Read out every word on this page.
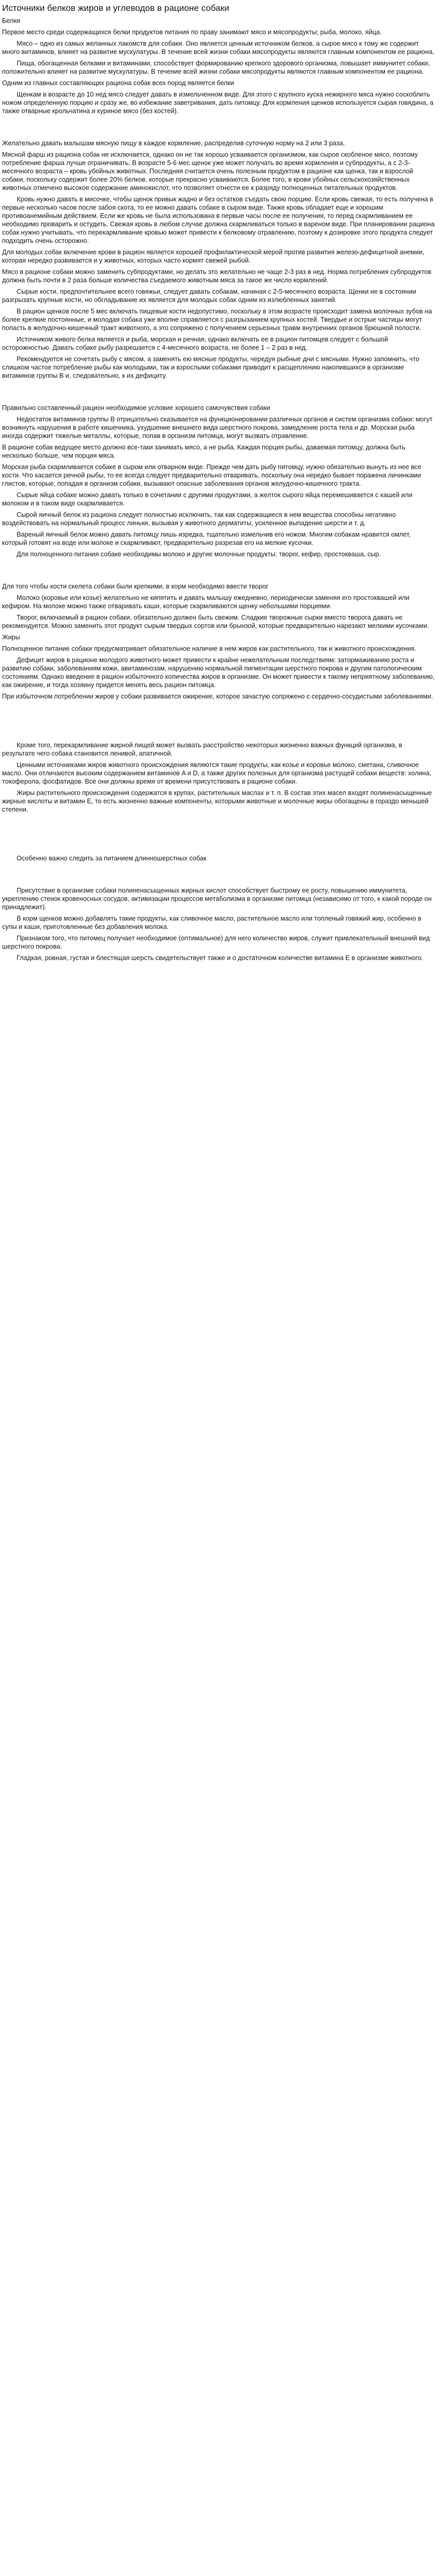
Источники белков жиров и углеводов в рационе собаки

Белки

Первое место среди содержащихся белки продуктов питания по праву занимают мясо и мясопродукты; рыба, молоко, яйца.

Мясо – одно из самых желанных лакомств для собаки. Оно является ценным источником белков, а сырое мясо к тому же содержит много витаминов, влияет на развитие мускулатуры. В течение всей жизни собаки мясопродукты являются главным компонентом ее рациона.

Пища, обогащенная белками и витаминами, способствует формированию крепкого здорового организма, повышает иммунитет собаки, положительно влияет на развитие мускулатуры. В течение всей жизни собаки мясопродукты являются главным компонентом ее рациона.

Одним из главных составляющих рациона собак всех пород является белки

Щенкам в возрасте до 10 нед мясо следует давать в измельченном виде. Для этого с крупного куска нежирного мяса нужно соскоблить ножом определенную порцию и сразу же, во избежание заветривания, дать питомцу. Для кормления щенков используется сырая говядина, а также отварные крольчатина и куриное мясо (без костей).

Желательно давать малышам мясную пищу в каждое кормление, распределив суточную норму на 2 или 3 раза.

Мясной фарш из рациона собак не исключается, однако он не так хорошо усваивается организмом, как сырое скобленое мясо, поэтому потребление фарша лучше ограничивать. В возрасте 5-6 мес щенок уже может получать во время кормления и субпродукты, а с 2-3-месячного возраста – кровь убойных животных. Последняя считается очень полезным продуктом в рационе как щенка, так и взрослой собаки, поскольку содержит более 20% белков, которые прекрасно усваиваются. Более того, в крови убойных сельскохозяйственных животных отмечено высокое содержание аминокислот, что позволяет отнести ее к разряду полноценных питательных продуктов.

Кровь нужно давать в мисочке, чтобы щенок привык жадно и без остатков съедать свою порцию. Если кровь свежая, то есть получена в первые несколько часов после забоя скота, то ее можно давать собаке в сыром виде. Также кровь обладает еще и хорошим противоанемийным действием. Если же кровь не была использована в первые часы после ее получения, то перед скармливанием ее необходимо проварить и остудить. Свежая кровь в любом случае должна скармливаться только в вареном виде. При планировании рациона собак нужно учитывать, что перекармливание кровью может привести к белковому отравлению, поэтому к дозировке этого продукта следует подходить очень осторожно.

Для молодых собак включение крови в рацион является хорошей профилактической мерой против развития железо-дефицитной анемии, которая нередко развивается и у животных, которых часто кормят свежей рыбой.

Мясо в рационе собаки можно заменить субпродуктами, но делать это желательно не чаще 2-3 раз в нед. Норма потребления субпродуктов должна быть почти в 2 раза больше количества съедаемого животным мяса за такое же число кормлений.

Сырые кости, предпочтительнее всего говяжьи, следует давать собакам, начиная с 2-5-месячного возраста. Щенки не в состоянии разгрызать крупные кости, но обгладывание их является для молодых собак одним из излюбленных занятий.

В рацион щенков после 5 мес включать пищевые кости недопустимо, поскольку в этом возрасте происходит замена молочных зубов на более крепкие постоянные, и молодая собака уже вполне справляется с разгрызанием крупных костей. Твердые и острые частицы могут попасть в желудочно-кишечный тракт животного, а это сопряжено с получением серьезных травм внутренних органов брюшной полости.

Источником живого белка является и рыба, морская и речная, однако включать ее в рацион питомцев следует с большой осторожностью. Давать собаке рыбу разрешается с 4-месячного возраста, не более 1 – 2 раз в нед.

Рекомендуется не сочетать рыбу с мясом, а заменять ею мясные продукты, чередуя рыбные дни с мясными. Нужно запомнить, что слишком частое потребление рыбы как молодыми, так и взрослыми собаками приводит к расщеплению накопившихся в организме витаминов группы В и, следовательно, к их дефициту.

Правильно составленный рацион необходимое условие хорошего самочувствия собаки

Недостаток витаминов группы В отрицательно сказывается на функционировании различных органов и систем организма собаки: могут возникнуть нарушения в работе кишечника, ухудшение внешнего вида шерстного покрова, замедление роста тела и др. Морская рыба иногда содержит тяжелые металлы, которые, попав в организм питомца, могут вызвать отравление.

В рационе собак ведущее место должно все-таки занимать мясо, а не рыба. Каждая порция рыбы, даваемая питомцу, должна быть несколько больше, чем порция мяса.

Морская рыба скармливается собаке в сыром или отварном виде. Прежде чем дать рыбу питомцу, нужно обязательно вынуть из нее все кости. Что касается речной рыбы, то ее всегда следует предварительно отваривать, поскольку она нередко бывает поражена личинками глистов, которые, попадая в организм собаки, вызывают опасные заболевания органов желудочно-кишечного тракта.

Сырые яйца собаке можно давать только в сочетании с другими продуктами, а желток сырого яйца перемешивается с кашей или молоком и в таком виде скармливается.

Сырой яичный белок из рациона следует полностью исключить, так как содержащиеся в нем вещества способны негативно воздействовать на нормальный процесс линьки, вызывая у животного дерматиты, усиленное выпадение шерсти и т. д.

Вареный яичный белок можно давать питомцу лишь изредка, тщательно измельчив его ножом. Многим собакам нравится омлет, который готовят на воде или молоке и скармливают, предварительно разрезав его на мелкие кусочки.

Для полноценного питания собаке необходимы молоко и другие молочные продукты: творог, кефир, простокваша, сыр.

Для того чтобы кости скелета собаки были крепкими, в корм необходимо ввести творог

Молоко (коровье или козье) желательно не кипятить и давать малышу ежедневно, периодически заменяя его простоквашей или кефиром. На молоке можно также отваривать каши, которые скармливаются щенку небольшими порциями.

Творог, включаемый в рацион собаки, обязательно должен быть свежим. Сладкие творожные сырки вместо творога давать не рекомендуется. Можно заменить этот продукт сырым твердых сортов или брынзой, которые предварительно нарезают мелкими кусочками.

Жиры

Полноценное питание собаки предусматривает обязательное наличие в нем жиров как растительного, так и животного происхождения.

Дефицит жиров в рационе молодого животного может привести к крайне нежелательным последствиям: затормаживанию роста и развитию собаки, заболеваниям кожи, авитаминозам, нарушению нормальной пигментации шерстного покрова и другим патологическим состояниям. Однако введение в рацион избыточного количества жиров в организме. Он может привести к такому неприятному заболеванию, как ожирение, и тогда хозяину придется менять весь рацион питомца.

При избыточном потреблении жиров у собаки развивается ожирение, которое зачастую сопряжено с сердечно-сосудистыми заболеваниями.

Кроме того, перекармливание жирной пищей может вызвать расстройство некоторых жизненно важных функций организма, в результате чего собака становится ленивой, апатичной.

Ценными источниками жиров животного происхождения являются такие продукты, как козье и коровье молоко, сметана, сливочное масло. Они отличаются высоким содержанием витаминов A и D, а также других полезных для организма растущей собаки веществ: холина, токоферола, фосфатидов. Все они должны время от времени присутствовать в рационе собаки.

Жиры растительного происхождения содержатся в крупах, растительных маслах и т. п. В состав этих масел входят полиненасыщенные жирные кислоты и витамин Е, то есть жизненно важные компоненты, которыми животные и молочные жиры обогащены в гораздо меньшей степени.

Особенно важно следить за питанием длинношерстных собак

Присутствие в организме собаки полиненасыщенных жирных кислот способствует быстрому ее росту, повышению иммунитета, укреплению стенок кровеносных сосудов, активизации процессов метаболизма в организме питомца (независимо от того, к какой породе он принадлежит).

В корм щенков можно добавлять такие продукты, как сливочное масло, растительное масло или топленый говяжий жир, особенно в супы и каши, приготовленные без добавления молока.

Признаком того, что питомец получает необходимое (оптимальное) для него количество жиров, служит привлекательный внешний вид шерстного покрова.

Гладкая, ровная, густая и блестящая шерсть свидетельствует также и о достаточном количестве витамина Е в организме животного.
